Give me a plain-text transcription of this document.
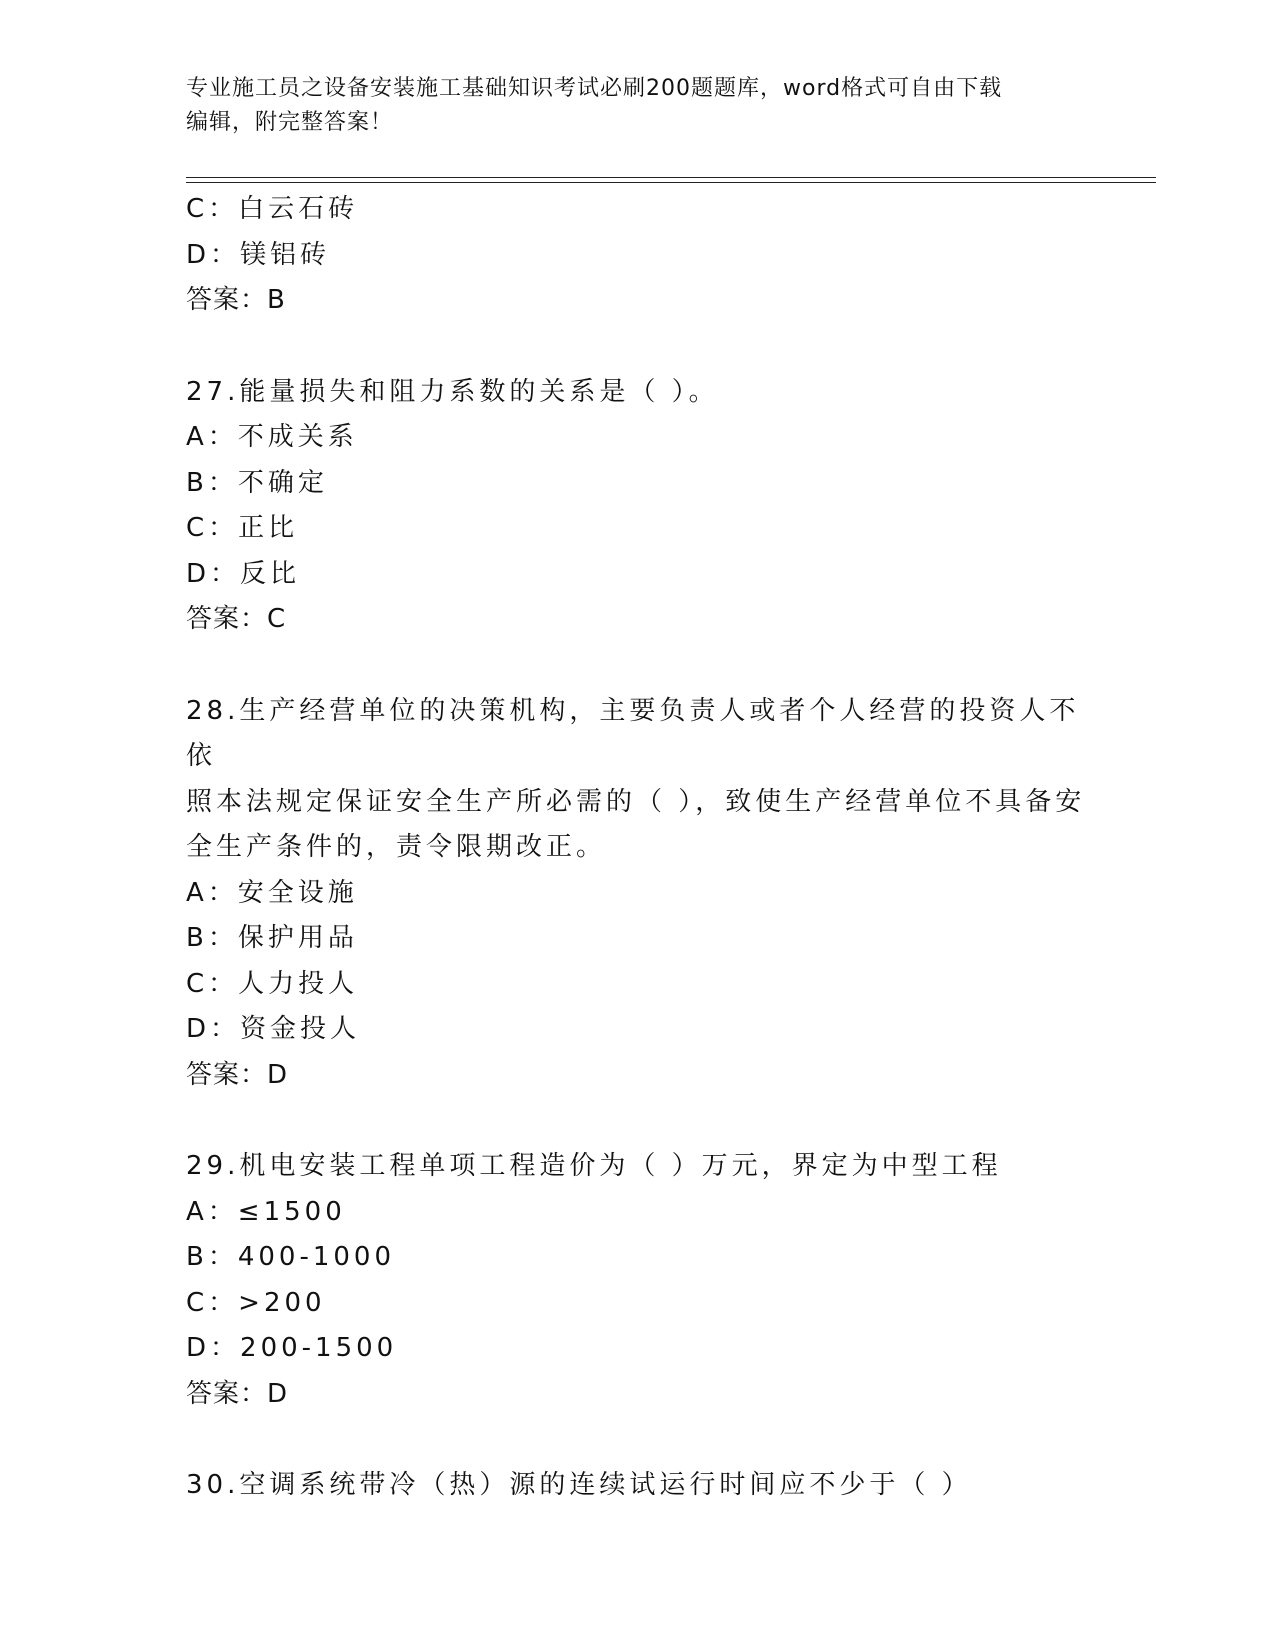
专业施工员之设备安装施工基础知识考试必刷200题题库，word格式可自由下载
编辑，附完整答案！
C：白云石砖
D：镁铝砖
答案：B
27.能量损失和阻力系数的关系是（ ）。
A：不成关系
B：不确定
C：正比
D：反比
答案：C
28.生产经营单位的决策机构，主要负责人或者个人经营的投资人不依
照本法规定保证安全生产所必需的（ ），致使生产经营单位不具备安
全生产条件的，责令限期改正。
A：安全设施
B：保护用品
C：人力投人
D：资金投人
答案：D
29.机电安装工程单项工程造价为（ ）万元，界定为中型工程
A：≤1500
B：400-1000
C：>200
D：200-1500
答案：D
30.空调系统带冷（热）源的连续试运行时间应不少于（ ）
